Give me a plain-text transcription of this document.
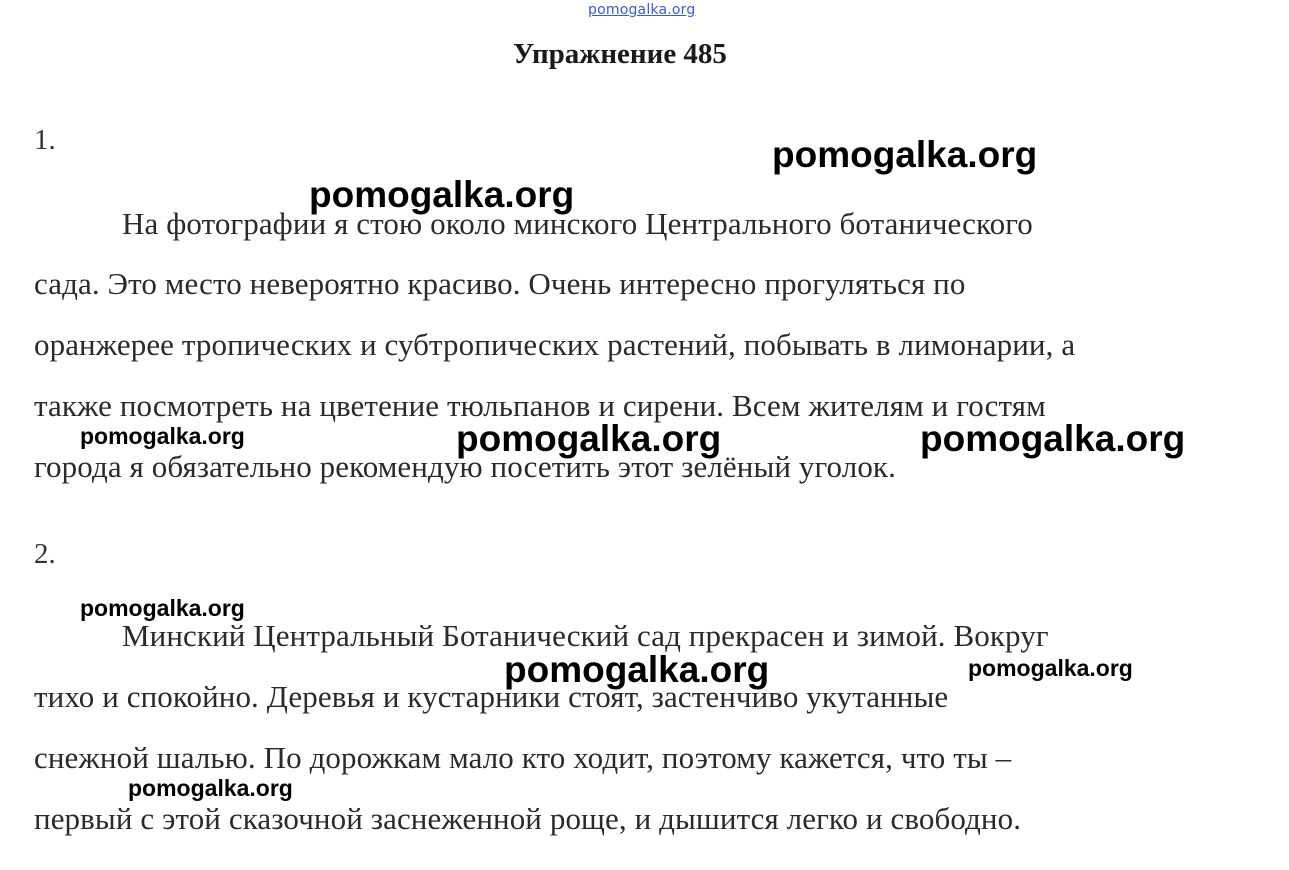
pomogalka.org
Упражнение 485
1.
На фотографии я стою около минского Центрального ботанического
сада. Это место невероятно красиво. Очень интересно прогуляться по
оранжерее тропических и субтропических растений, побывать в лимонарии, а
также посмотреть на цветение тюльпанов и сирени. Всем жителям и гостям
города я обязательно рекомендую посетить этот зелёный уголок.
2.
Минский Центральный Ботанический сад прекрасен и зимой. Вокруг
тихо и спокойно. Деревья и кустарники стоят, застенчиво укутанные
снежной шалью. По дорожкам мало кто ходит, поэтому кажется, что ты –
первый с этой сказочной заснеженной роще, и дышится легко и свободно.
pomogalka.org
pomogalka.org
pomogalka.org	pomogalka.org	pomogalka.org
pomogalka.org
pomogalka.org	pomogalka.org
pomogalka.org
